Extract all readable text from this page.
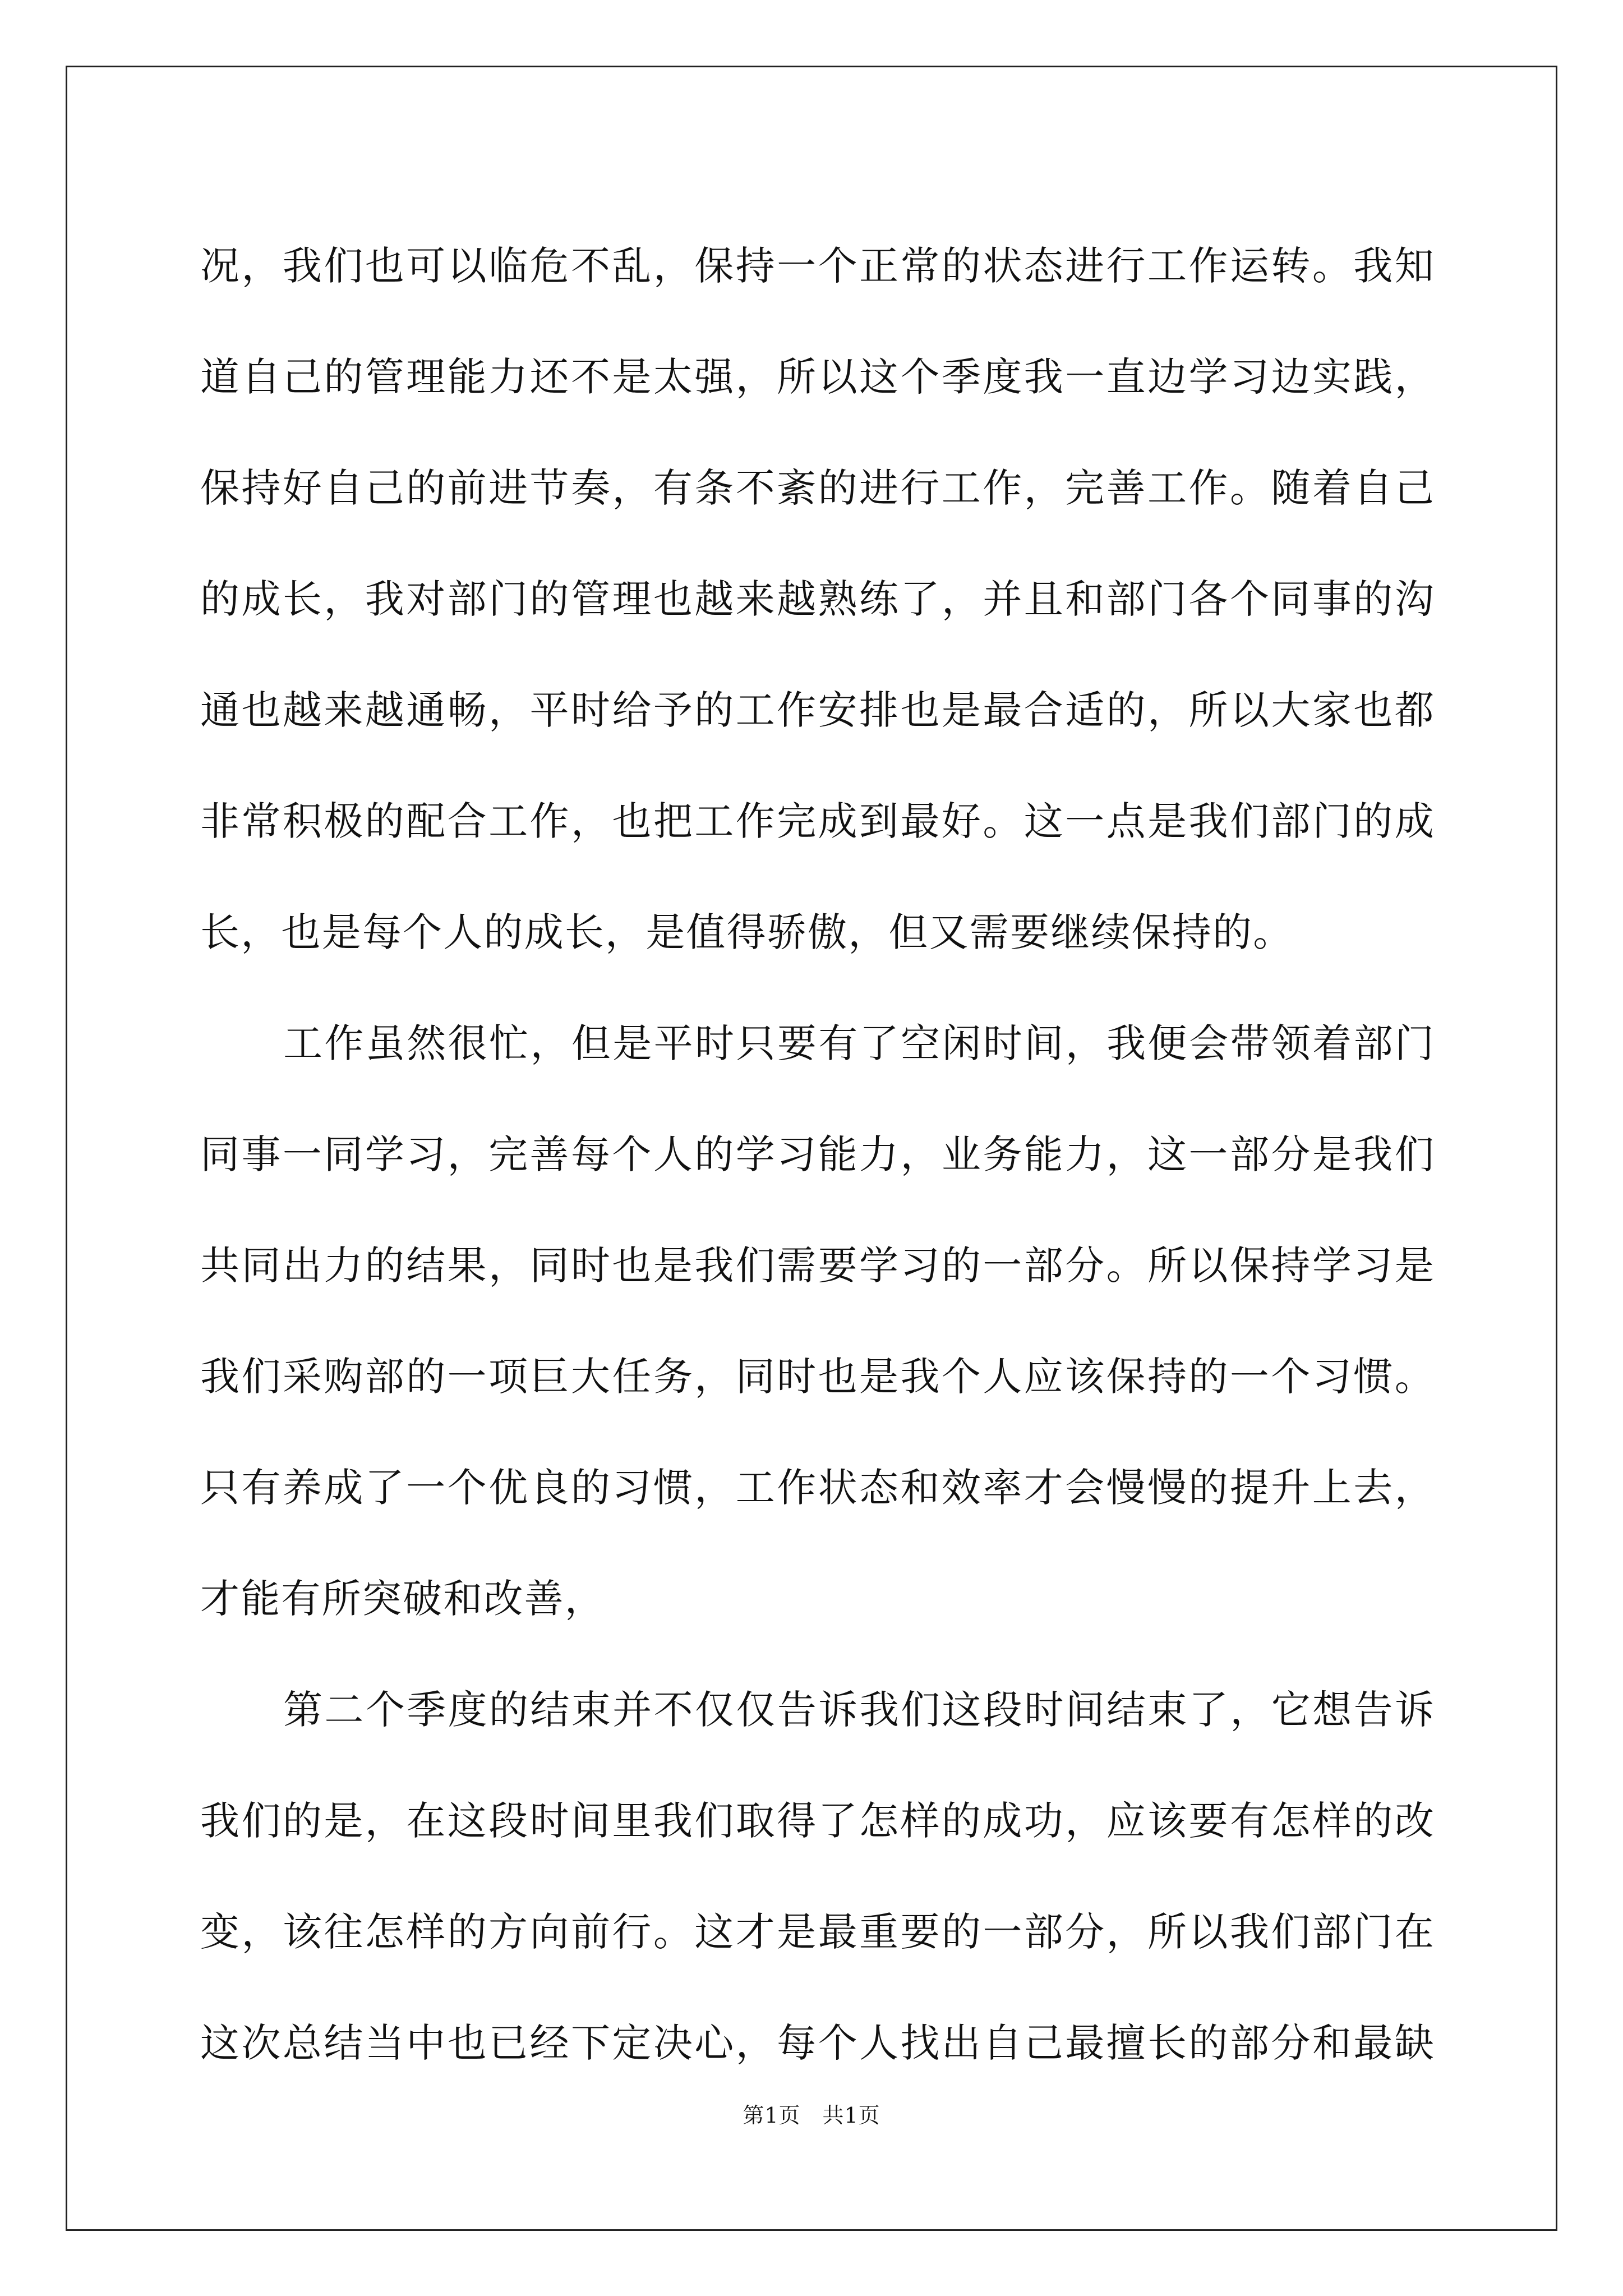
况 ， 我 们 也 可 以 临 危 不 乱 ， 保 持 一 个 正 常 的 状 态 进 行 工 作 运 转 。 我 知
道 自 己 的 管 理 能 力 还 不 是 太 强 ， 所 以 这 个 季 度 我 一 直 边 学 习 边 实 践 ，
保 持 好 自 己 的 前 进 节 奏 ， 有 条 不 紊 的 进 行 工 作 ， 完 善 工 作 。 随 着 自 己
的 成 长 ， 我 对 部 门 的 管 理 也 越 来 越 熟 练 了 ， 并 且 和 部 门 各 个 同 事 的 沟
通 也 越 来 越 通 畅 ， 平 时 给 予 的 工 作 安 排 也 是 最 合 适 的 ， 所 以 大 家 也 都
非 常 积 极 的 配 合 工 作 ， 也 把 工 作 完 成 到 最 好 。 这 一 点 是 我 们 部 门 的 成
长，也是每个人的成长，是值得骄傲，但又需要继续保持的。
工 作 虽 然 很 忙 ， 但 是 平 时 只 要 有 了 空 闲 时 间 ， 我 便 会 带 领 着 部 门
同 事 一 同 学 习 ， 完 善 每 个 人 的 学 习 能 力 ， 业 务 能 力 ， 这 一 部 分 是 我 们
共 同 出 力 的 结 果 ， 同 时 也 是 我 们 需 要 学 习 的 一 部 分 。 所 以 保 持 学 习 是
我 们 采 购 部 的 一 项 巨 大 任 务 ， 同 时 也 是 我 个 人 应 该 保 持 的 一 个 习 惯 。
只 有 养 成 了 一 个 优 良 的 习 惯 ， 工 作 状 态 和 效 率 才 会 慢 慢 的 提 升 上 去 ，
才能有所突破和改善，
第 二 个 季 度 的 结 束 并 不 仅 仅 告 诉 我 们 这 段 时 间 结 束 了 ， 它 想 告 诉
我 们 的 是 ， 在 这 段 时 间 里 我 们 取 得 了 怎 样 的 成 功 ， 应 该 要 有 怎 样 的 改
变 ， 该 往 怎 样 的 方 向 前 行 。 这 才 是 最 重 要 的 一 部 分 ， 所 以 我 们 部 门 在
这 次 总 结 当 中 也 已 经 下 定 决 心 ， 每 个 人 找 出 自 己 最 擅 长 的 部 分 和 最 缺
第1页　共1页
